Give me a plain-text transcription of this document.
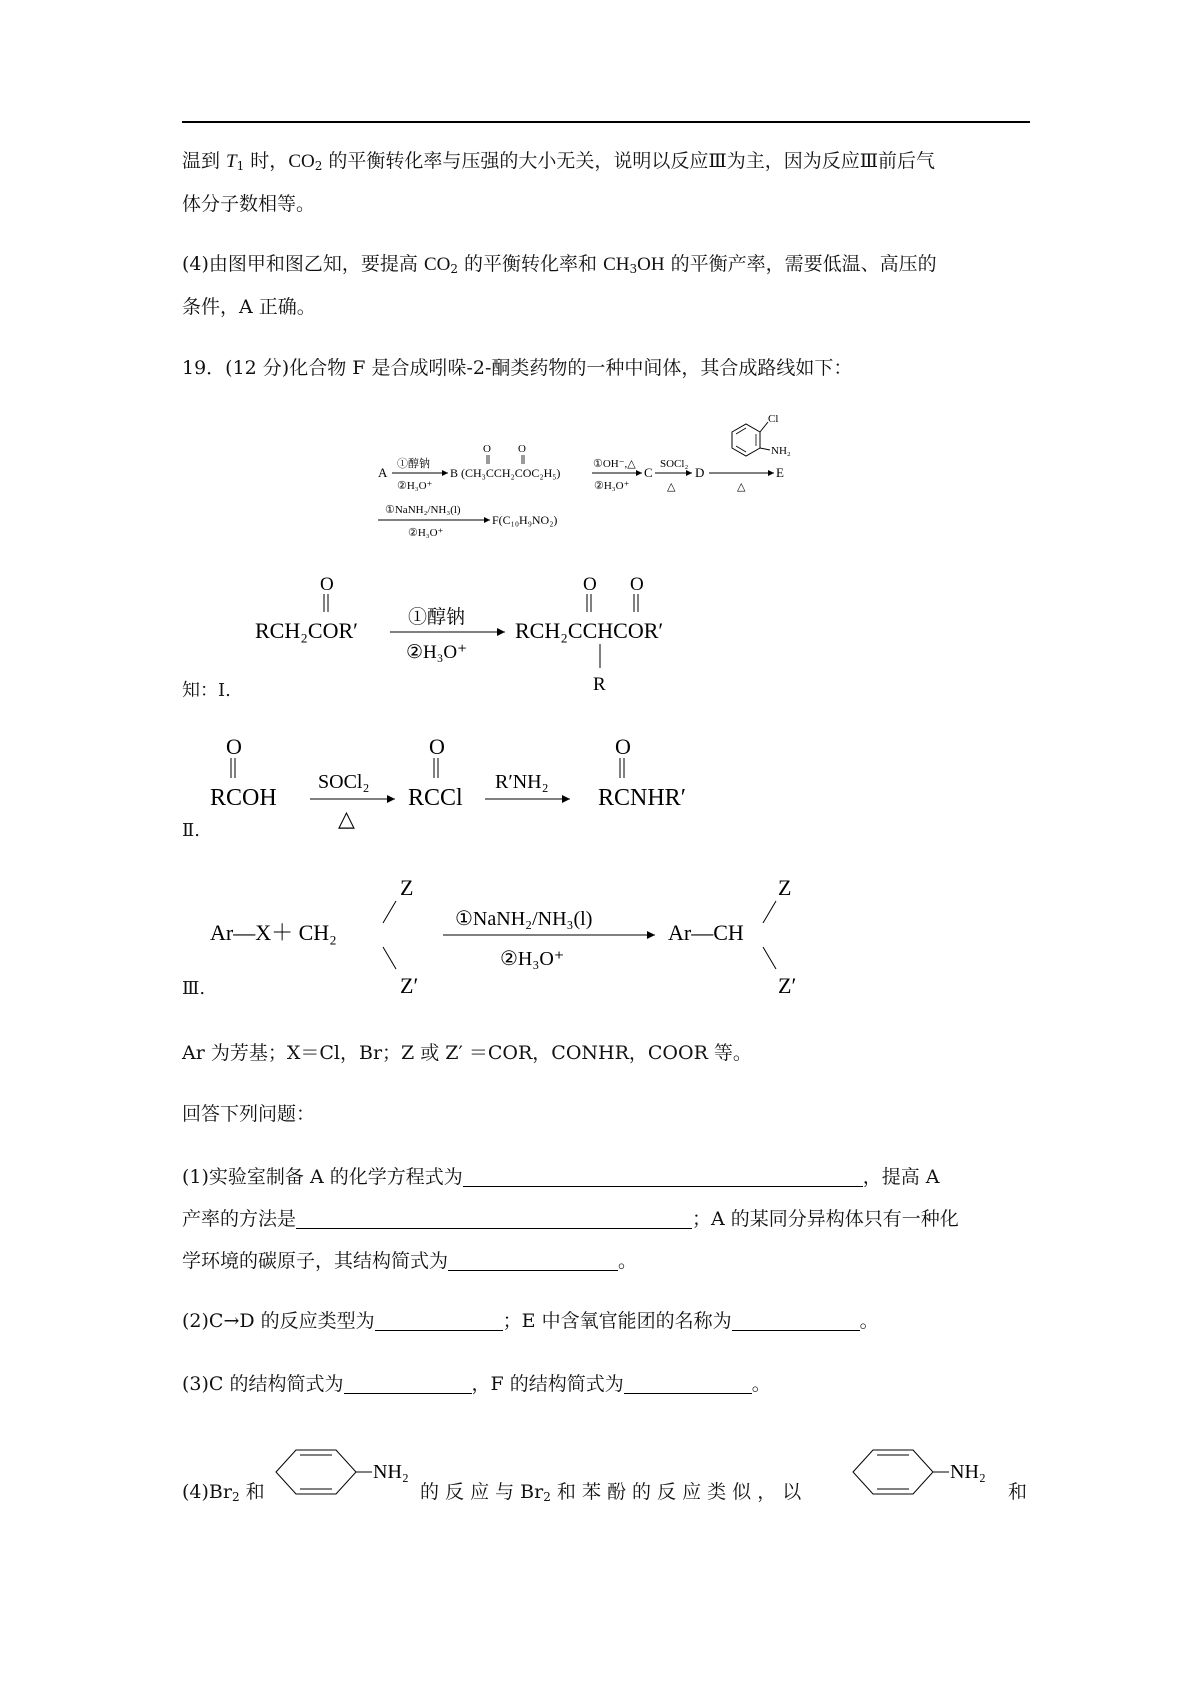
温到 $T_1$ 时，$CO_2$ 的平衡转化率与压强的大小无关，说明以反应Ⅲ为主，因为反应Ⅲ前后气
体分子数相等。
(4)由图甲和图乙知，要提高 $CO_2$ 的平衡转化率和 $CH_3OH$ 的平衡产率，需要低温、高压的
条件，A 正确。
19．(12 分)化合物 F 是合成吲哚-2-酮类药物的一种中间体，其合成路线如下：
A
①醇钠
②H₃O⁺
O O
B (CH₃CCH₂COC₂H₅)
①OH⁻,△
②H₃O⁺
C
SOCl₂
△
D
Cl
NH₂
△
E
①NaNH₂/NH₃(l)
②H₃O⁺
F(C₁₀H₉NO₂)
知：Ⅰ.
O
RCH₂COR′
①醇钠
②H₃O⁺
O O
RCH₂CCHCOR′
R
Ⅱ.
O
RCOH
SOCl₂
△
O
RCCl
R′NH₂
O
RCNHR′
Ⅲ.
Ar—X＋ CH₂
Z
Z′
①NaNH₂/NH₃(l)
②H₃O⁺
Ar—CH
Z
Z′
Ar 为芳基；X＝Cl，Br；Z 或 Z′ ＝COR，CONHR，COOR 等。
回答下列问题：
(1)实验室制备 A 的化学方程式为	，提高 A
产率的方法是	；A 的某同分异构体只有一种化
学环境的碳原子，其结构简式为	。
(2)C→D 的反应类型为	；E 中含氧官能团的名称为	。
(3)C 的结构简式为	，F 的结构简式为	。
$(4)Br_2$ 和
NH₂
的 反 应 与 $Br_2$ 和 苯 酚 的 反 应 类 似 ， 以
NH₂
和
